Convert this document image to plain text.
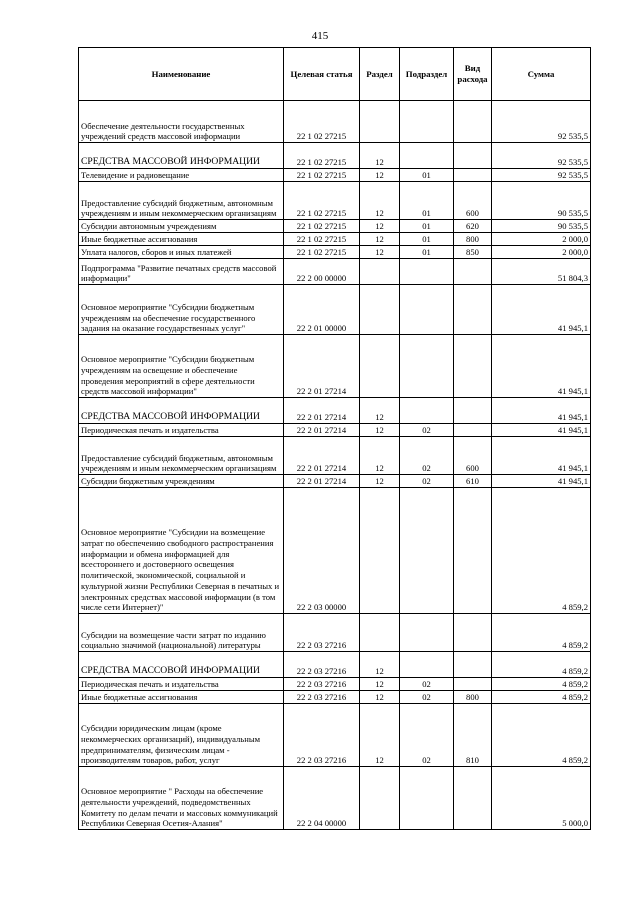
415
Наименование	Целевая статья	Раздел	Подраздел	Вид расхода	Сумма
Обеспечение деятельности государственных учреждений средств массовой информации	22 1 02 27215				92 535,5
СРЕДСТВА МАССОВОЙ ИНФОРМАЦИИ	22 1 02 27215	12			92 535,5
Телевидение и радиовещание	22 1 02 27215	12	01		92 535,5
Предоставление субсидий бюджетным, автономным учреждениям и иным некоммерческим организациям	22 1 02 27215	12	01	600	90 535,5
Субсидии автономным учреждениям	22 1 02 27215	12	01	620	90 535,5
Иные бюджетные ассигнования	22 1 02 27215	12	01	800	2 000,0
Уплата налогов, сборов и иных платежей	22 1 02 27215	12	01	850	2 000,0
Подпрограмма "Развитие печатных средств массовой информации"	22 2 00 00000				51 804,3
Основное мероприятие "Субсидии бюджетным учреждениям на обеспечение государственного задания на оказание государственных услуг"	22 2 01 00000				41 945,1
Основное мероприятие "Субсидии бюджетным учреждениям на освещение и обеспечение проведения мероприятий в сфере деятельности средств массовой информации"	22 2 01 27214				41 945,1
СРЕДСТВА МАССОВОЙ ИНФОРМАЦИИ	22 2 01 27214	12			41 945,1
Периодическая печать и издательства	22 2 01 27214	12	02		41 945,1
Предоставление субсидий бюджетным, автономным учреждениям и иным некоммерческим организациям	22 2 01 27214	12	02	600	41 945,1
Субсидии бюджетным учреждениям	22 2 01 27214	12	02	610	41 945,1
Основное мероприятие "Субсидии на возмещение затрат по обеспечению свободного распространения информации и обмена информацией для всестороннего и достоверного освещения политической, экономической, социальной и культурной жизни Республики Северная в печатных и электронных средствах массовой информации (в том числе сети Интернет)"	22 2 03 00000				4 859,2
Субсидии на возмещение части затрат по изданию социально значимой (национальной) литературы	22 2 03 27216				4 859,2
СРЕДСТВА МАССОВОЙ ИНФОРМАЦИИ	22 2 03 27216	12			4 859,2
Периодическая печать и издательства	22 2 03 27216	12	02		4 859,2
Иные бюджетные ассигнования	22 2 03 27216	12	02	800	4 859,2
Субсидии юридическим лицам (кроме некоммерческих организаций), индивидуальным предпринимателям, физическим лицам - производителям товаров, работ, услуг	22 2 03 27216	12	02	810	4 859,2
Основное мероприятие " Расходы на обеспечение деятельности учреждений, подведомственных Комитету по делам печати и массовых коммуникаций Республики Северная Осетия-Алания"	22 2 04 00000				5 000,0
